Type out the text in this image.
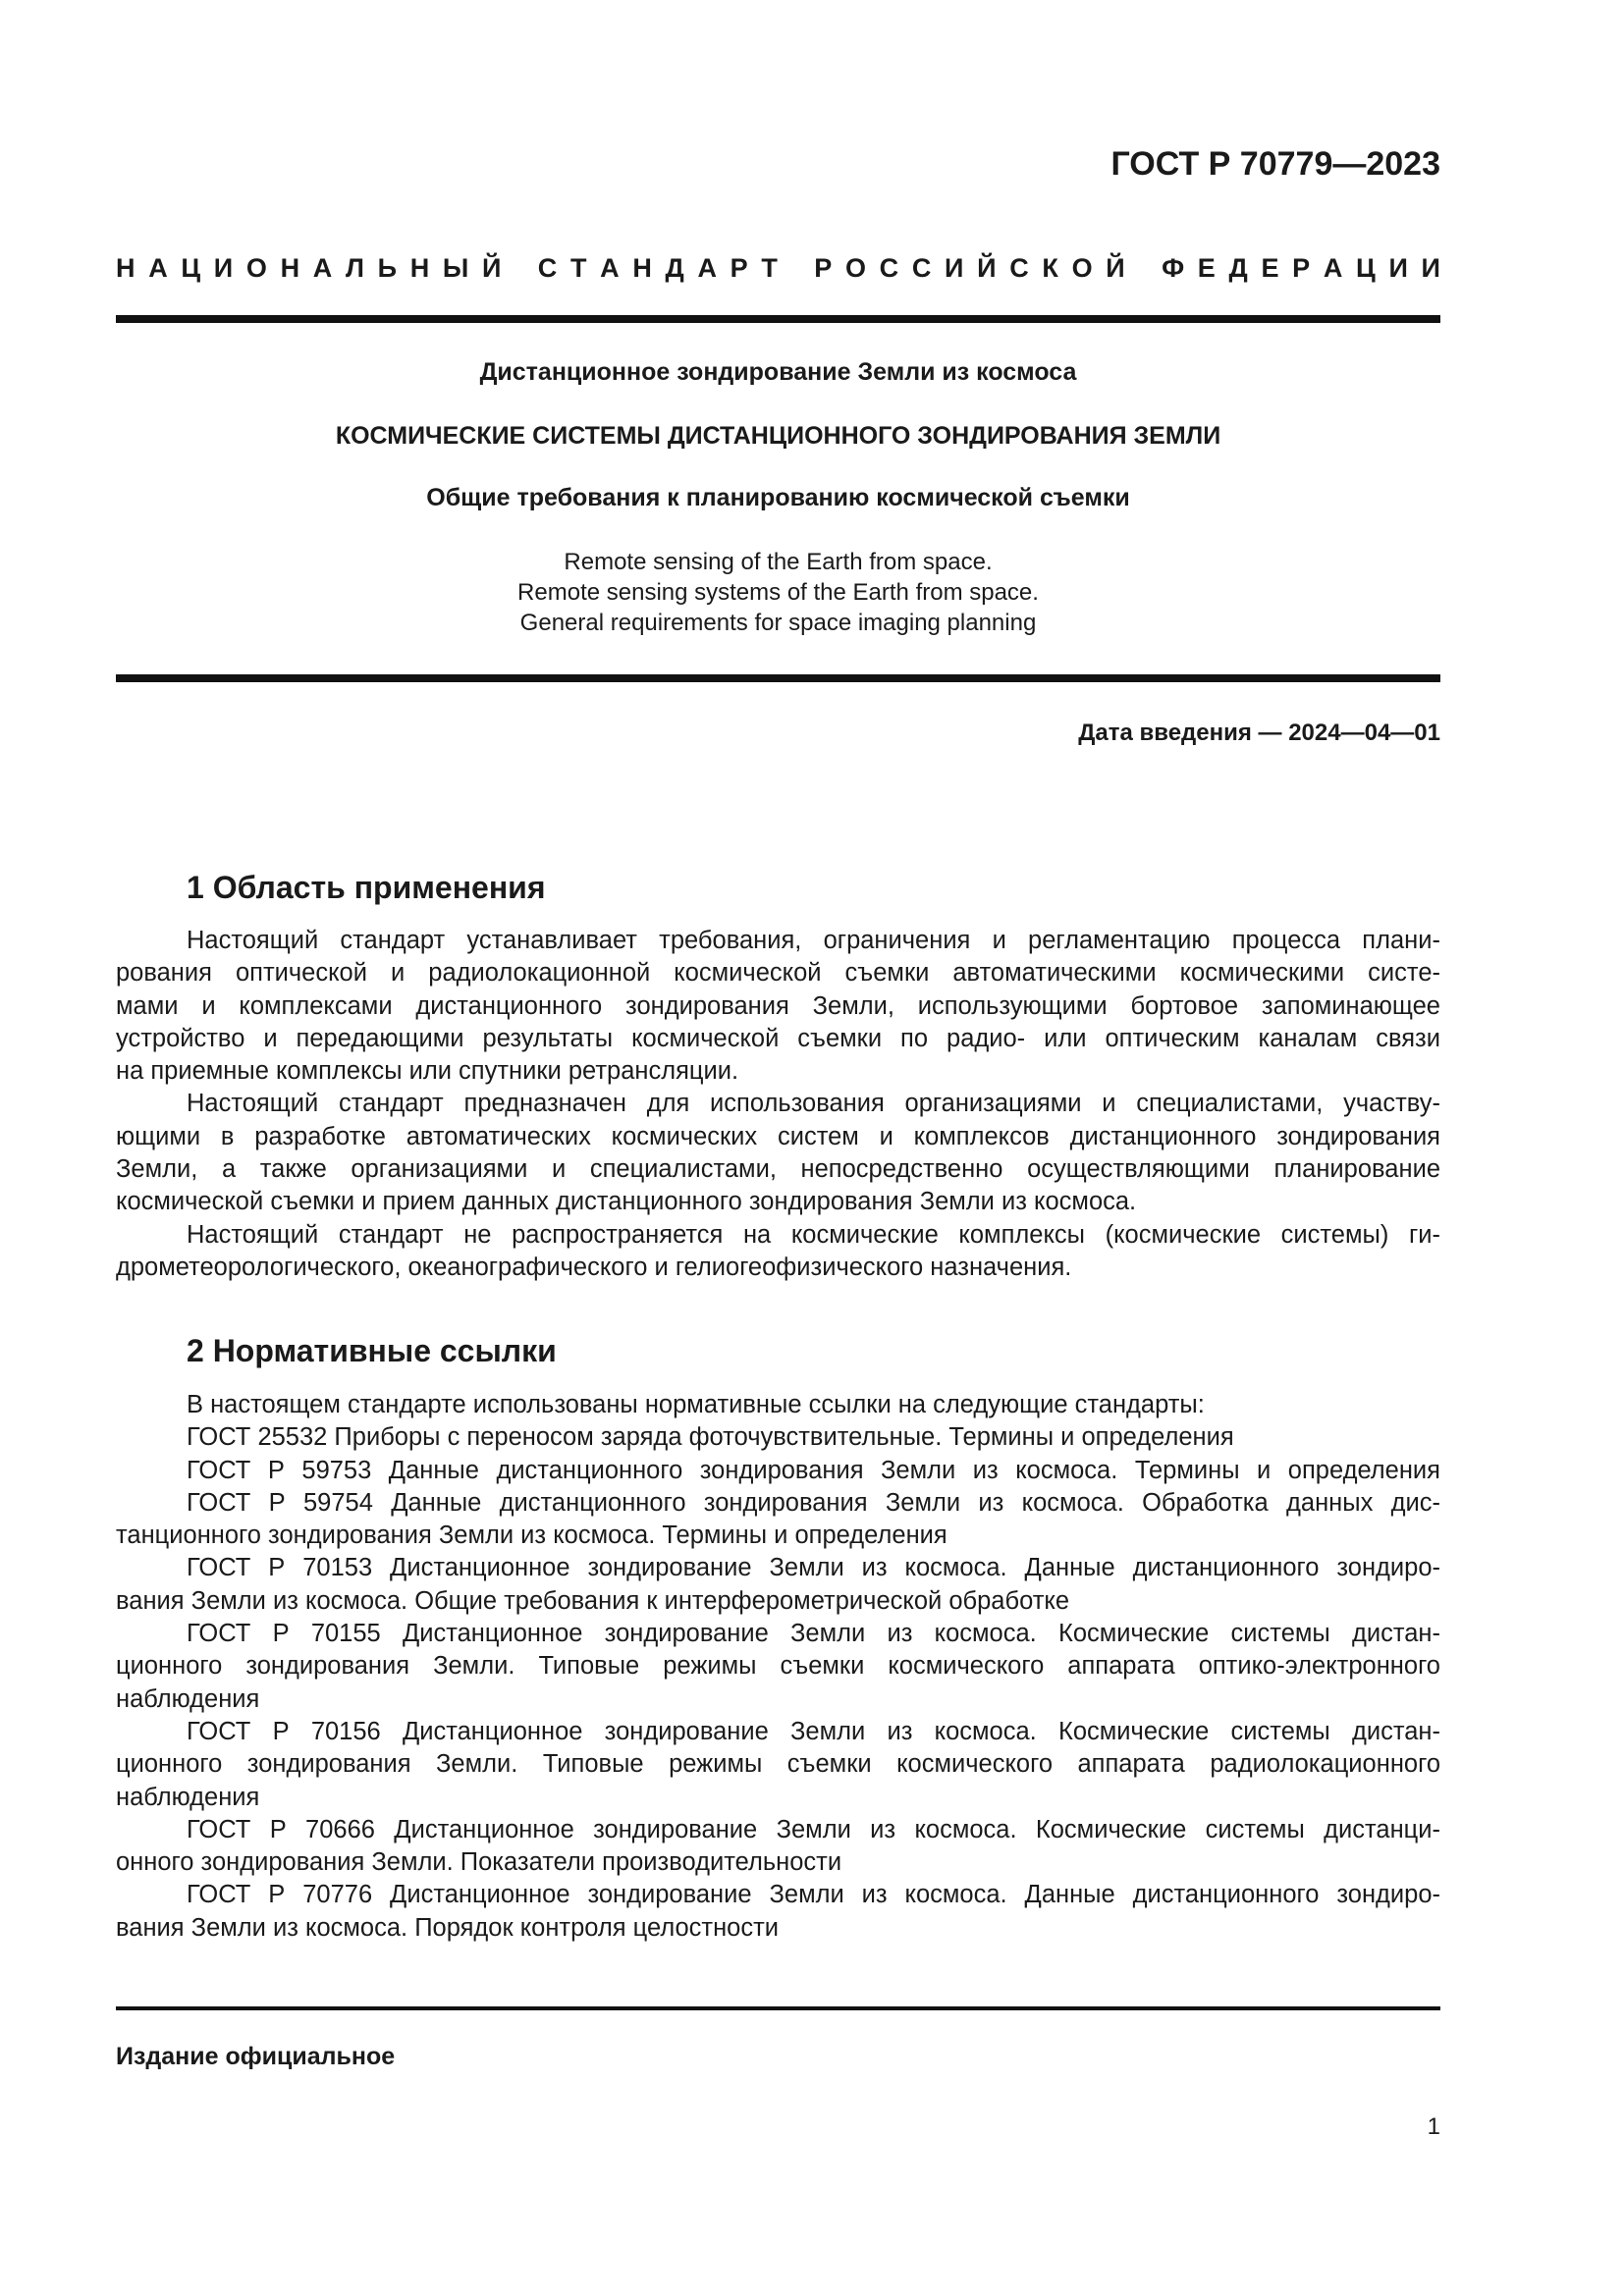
ГОСТ Р 70779—2023
Н А Ц И О Н А Л Ь Н Ы Й
С Т А Н Д А Р Т
Р О С С И Й С К О Й
Ф Е Д Е Р А Ц И И
Дистанционное зондирование Земли из космоса
КОСМИЧЕСКИЕ СИСТЕМЫ ДИСТАНЦИОННОГО ЗОНДИРОВАНИЯ ЗЕМЛИ
Общие требования к планированию космической съемки
Remote sensing of the Earth from space.
Remote sensing systems of the Earth from space.
General requirements for space imaging planning
Дата введения — 2024—04—01
1 Область применения
Настоящий стандарт устанавливает требования, ограничения и регламентацию процесса плани-
рования оптической и радиолокационной космической съемки автоматическими космическими систе-
мами и комплексами дистанционного зондирования Земли, использующими бортовое запоминающее
устройство и передающими результаты космической съемки по радио- или оптическим каналам связи
на приемные комплексы или спутники ретрансляции.
Настоящий стандарт предназначен для использования организациями и специалистами, участву-
ющими в разработке автоматических космических систем и комплексов дистанционного зондирования
Земли, а также организациями и специалистами, непосредственно осуществляющими планирование
космической съемки и прием данных дистанционного зондирования Земли из космоса.
Настоящий стандарт не распространяется на космические комплексы (космические системы) ги-
дрометеорологического, океанографического и гелиогеофизического назначения.
2 Нормативные ссылки
В настоящем стандарте использованы нормативные ссылки на следующие стандарты:
ГОСТ 25532 Приборы с переносом заряда фоточувствительные. Термины и определения
ГОСТ Р 59753 Данные дистанционного зондирования Земли из космоса. Термины и определения
ГОСТ Р 59754 Данные дистанционного зондирования Земли из космоса. Обработка данных дис-
танционного зондирования Земли из космоса. Термины и определения
ГОСТ Р 70153 Дистанционное зондирование Земли из космоса. Данные дистанционного зондиро-
вания Земли из космоса. Общие требования к интерферометрической обработке
ГОСТ Р 70155 Дистанционное зондирование Земли из космоса. Космические системы дистан-
ционного зондирования Земли. Типовые режимы съемки космического аппарата оптико-электронного
наблюдения
ГОСТ Р 70156 Дистанционное зондирование Земли из космоса. Космические системы дистан-
ционного зондирования Земли. Типовые режимы съемки космического аппарата радиолокационного
наблюдения
ГОСТ Р 70666 Дистанционное зондирование Земли из космоса. Космические системы дистанци-
онного зондирования Земли. Показатели производительности
ГОСТ Р 70776 Дистанционное зондирование Земли из космоса. Данные дистанционного зондиро-
вания Земли из космоса. Порядок контроля целостности
Издание официальное
1
